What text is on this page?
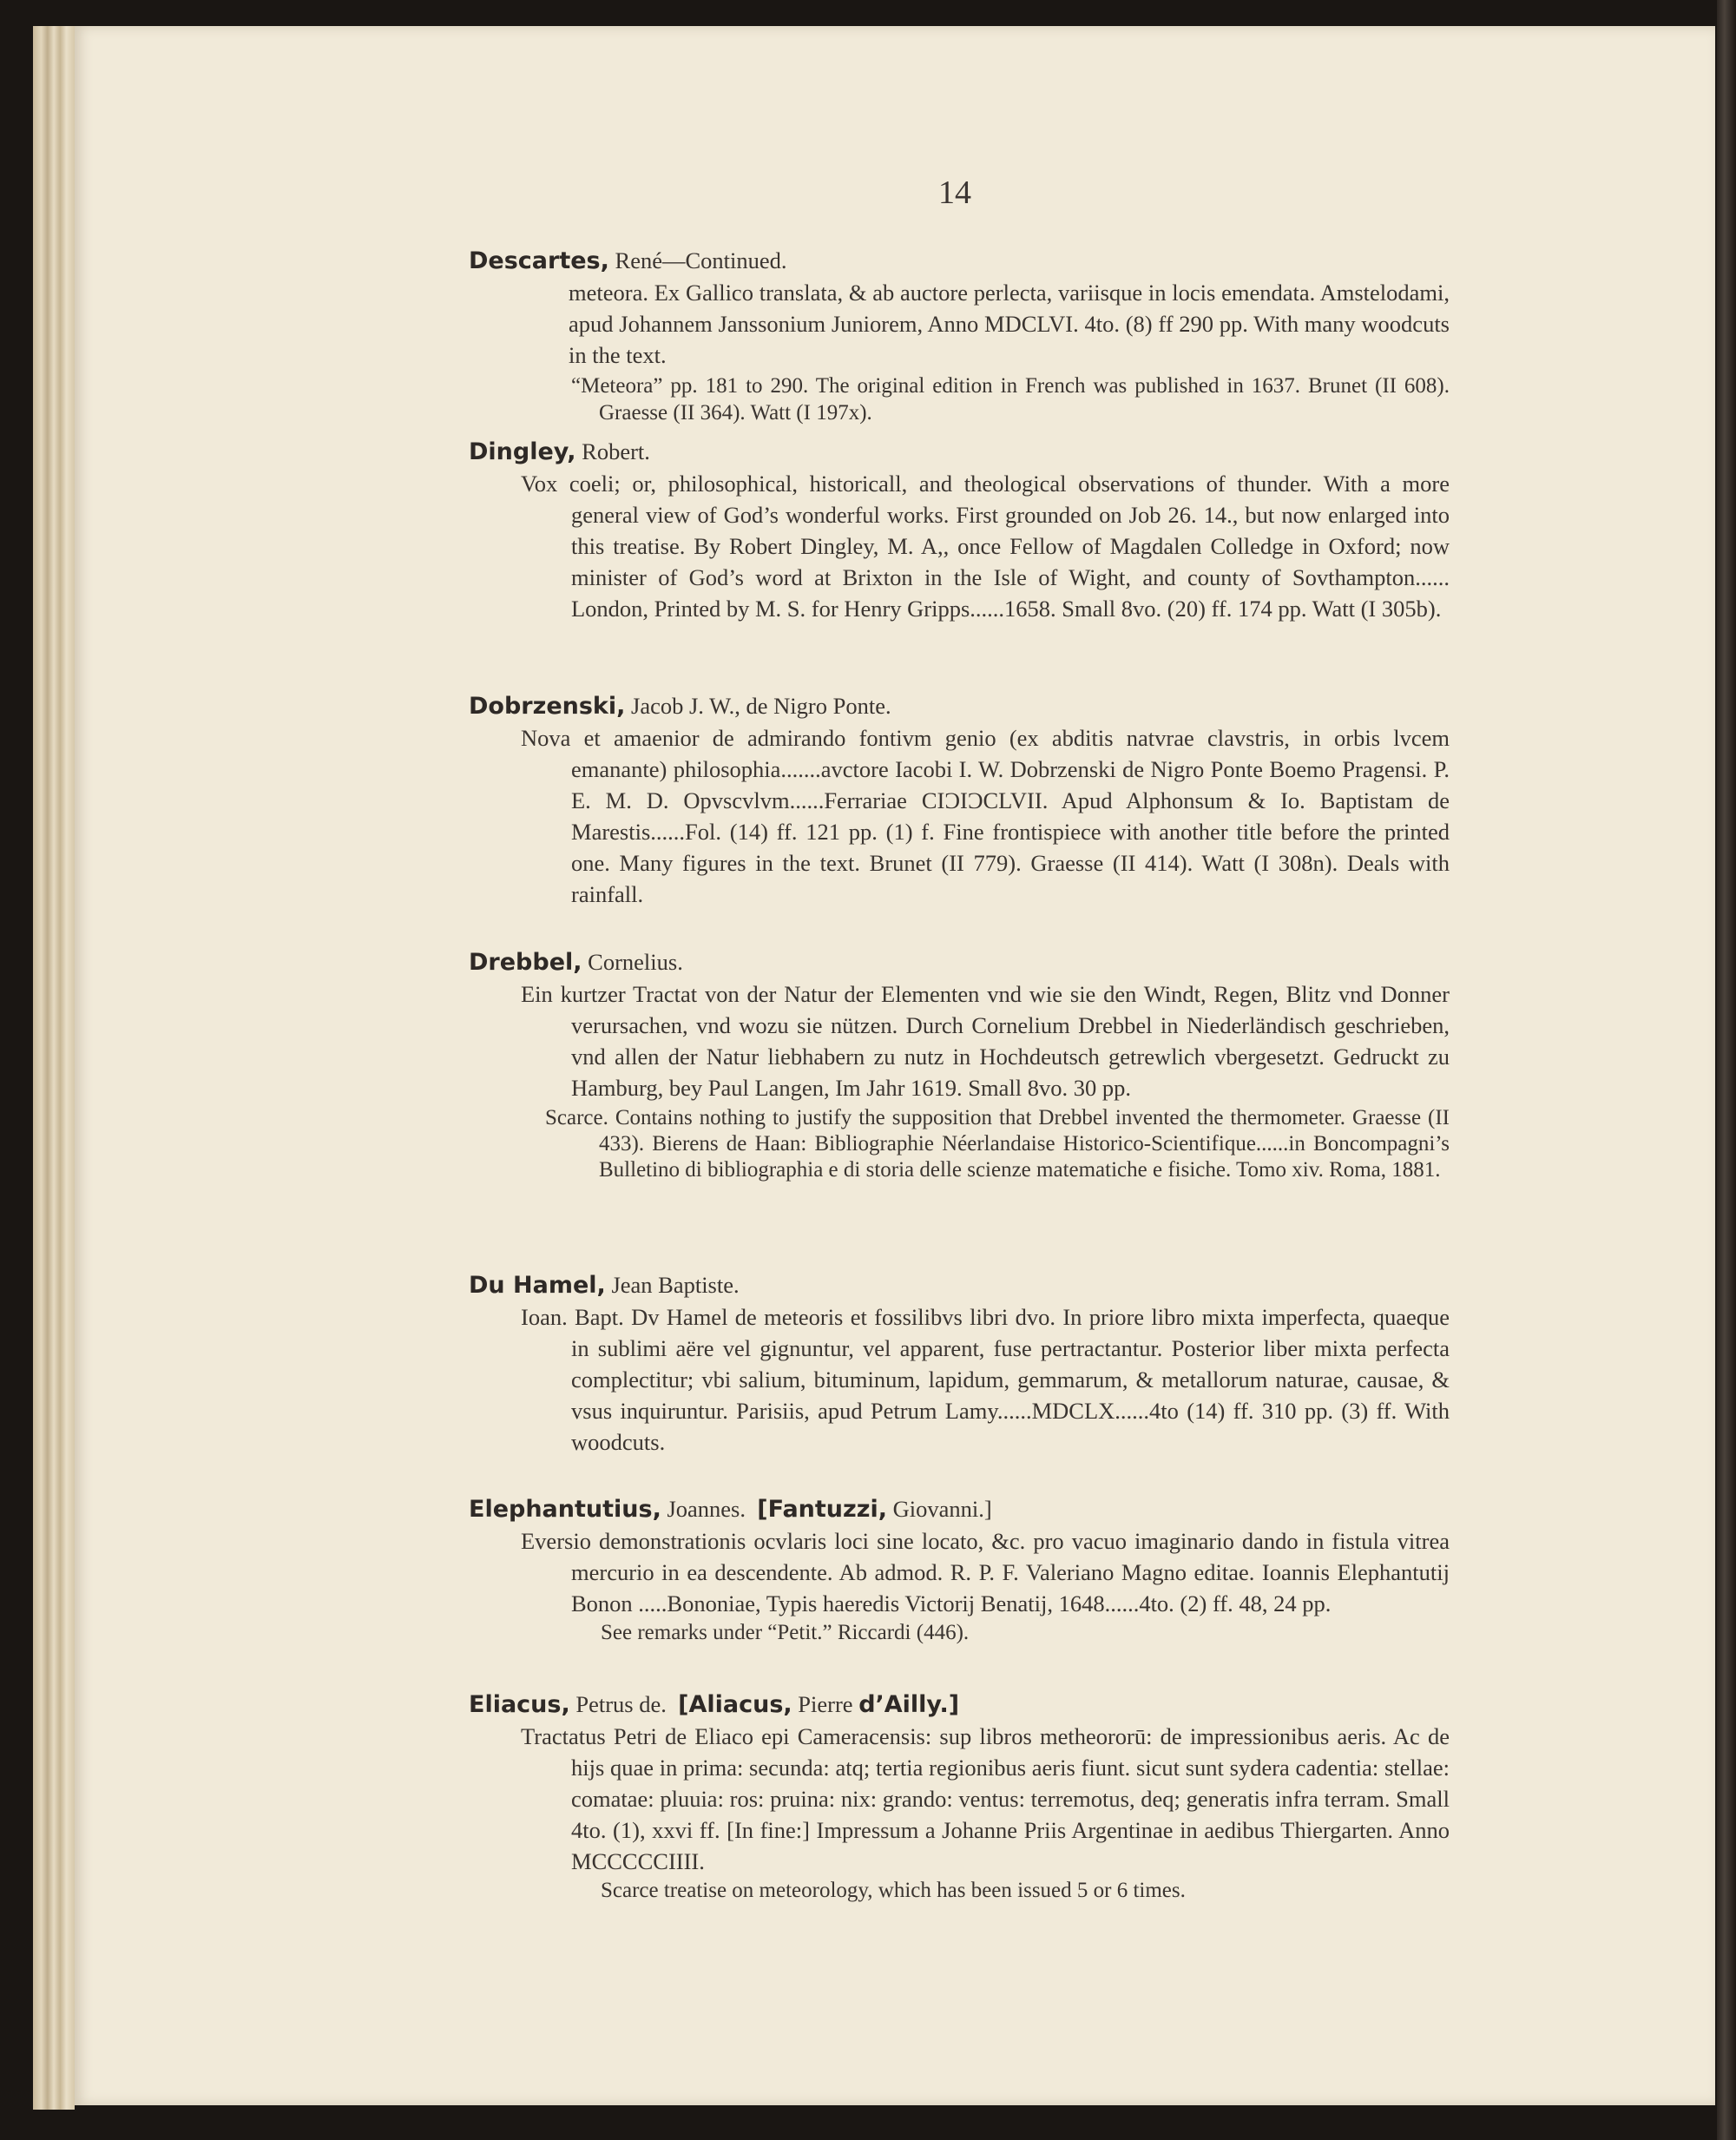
14
Descartes, René—Continued.
meteora. Ex Gallico translata, & ab auctore perlecta, variisque in locis emendata. Amstelodami, apud Johannem Janssonium Juniorem, Anno MDCLVI. 4to. (8) ff 290 pp. With many woodcuts in the text.
“Meteora” pp. 181 to 290. The original edition in French was published in 1637. Brunet (II 608). Graesse (II 364). Watt (I 197x).
Dingley, Robert.
Vox coeli; or, philosophical, historicall, and theological observations of thunder. With a more general view of God’s wonderful works. First grounded on Job 26. 14., but now enlarged into this treatise. By Robert Dingley, M. A,, once Fellow of Magdalen Colledge in Oxford; now minister of God’s word at Brixton in the Isle of Wight, and county of Sovthampton...... London, Printed by M. S. for Henry Gripps......1658. Small 8vo. (20) ff. 174 pp. Watt (I 305b).
Dobrzenski, Jacob J. W., de Nigro Ponte.
Nova et amaenior de admirando fontivm genio (ex abditis natvrae clavstris, in orbis lvcem emanante) philosophia.......avctore Iacobi I. W. Dobrzenski de Nigro Ponte Boemo Pragensi. P. E. M. D. Opvscvlvm......Ferrariae CIƆIƆCLVII. Apud Alphonsum & Io. Baptistam de Marestis......Fol. (14) ff. 121 pp. (1) f. Fine frontispiece with another title before the printed one. Many figures in the text. Brunet (II 779). Graesse (II 414). Watt (I 308n). Deals with rainfall.
Drebbel, Cornelius.
Ein kurtzer Tractat von der Natur der Elementen vnd wie sie den Windt, Regen, Blitz vnd Donner verursachen, vnd wozu sie nützen. Durch Cornelium Drebbel in Niederländisch geschrieben, vnd allen der Natur liebhabern zu nutz in Hochdeutsch getrewlich vbergesetzt. Gedruckt zu Hamburg, bey Paul Langen, Im Jahr 1619. Small 8vo. 30 pp.
Scarce. Contains nothing to justify the supposition that Drebbel invented the thermometer. Graesse (II 433). Bierens de Haan: Bibliographie Néerlandaise Historico-Scientifique......in Boncompagni’s Bulletino di bibliographia e di storia delle scienze matematiche e fisiche. Tomo xiv. Roma, 1881.
Du Hamel, Jean Baptiste.
Ioan. Bapt. Dv Hamel de meteoris et fossilibvs libri dvo. In priore libro mixta imperfecta, quaeque in sublimi aëre vel gignuntur, vel apparent, fuse pertractantur. Posterior liber mixta perfecta complectitur; vbi salium, bituminum, lapidum, gemmarum, & metallorum naturae, causae, & vsus inquiruntur. Parisiis, apud Petrum Lamy......MDCLX......4to (14) ff. 310 pp. (3) ff. With woodcuts.
Elephantutius, Joannes. [Fantuzzi, Giovanni.]
Eversio demonstrationis ocvlaris loci sine locato, &c. pro vacuo imaginario dando in fistula vitrea mercurio in ea descendente. Ab admod. R. P. F. Valeriano Magno editae. Ioannis Elephantutij Bonon .....Bononiae, Typis haeredis Victorij Benatij, 1648......4to. (2) ff. 48, 24 pp.
See remarks under “Petit.” Riccardi (446).
Eliacus, Petrus de. [Aliacus, Pierre d’Ailly.]
Tractatus Petri de Eliaco epi Cameracensis: sup libros metheororū: de impressionibus aeris. Ac de hijs quae in prima: secunda: atq; tertia regionibus aeris fiunt. sicut sunt sydera cadentia: stellae: comatae: pluuia: ros: pruina: nix: grando: ventus: terremotus, deq; generatis infra terram. Small 4to. (1), xxvi ff. [In fine:] Impressum a Johanne Priis Argentinae in aedibus Thiergarten. Anno MCCCCCIIII.
Scarce treatise on meteorology, which has been issued 5 or 6 times.
